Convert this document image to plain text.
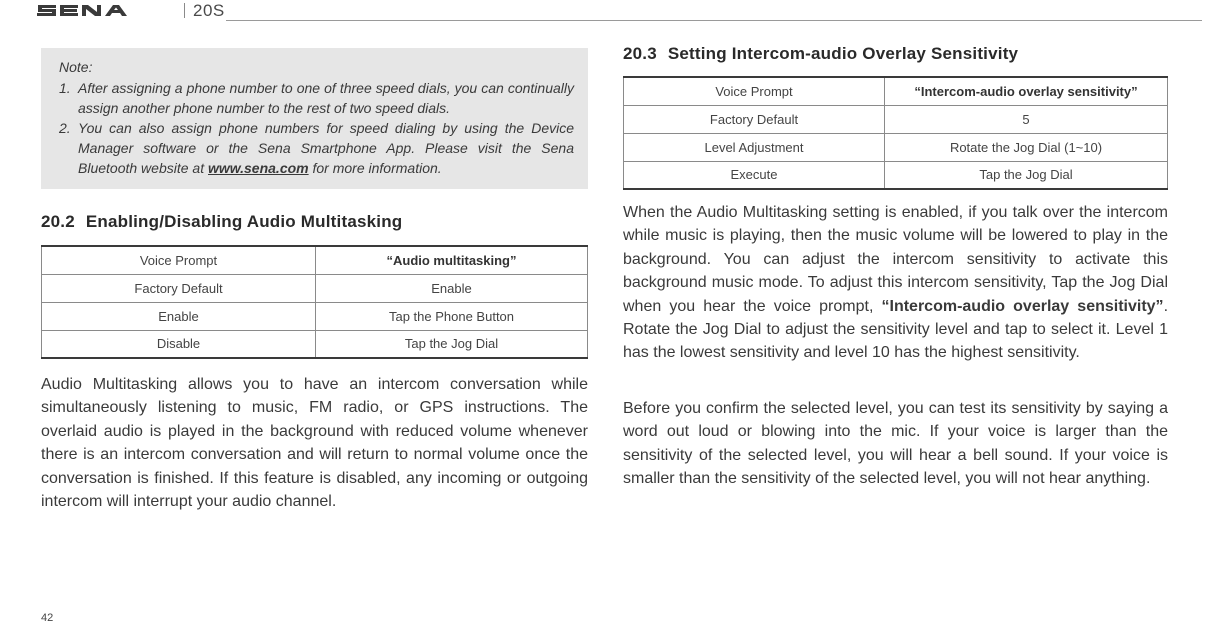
20S
Note:
1. After assigning a phone number to one of three speed dials, you can continually assign another phone number to the rest of two speed dials.
2. You can also assign phone numbers for speed dialing by using the Device Manager software or the Sena Smartphone App. Please visit the Sena Bluetooth website at www.sena.com for more information.
20.2 Enabling/Disabling Audio Multitasking
Voice Prompt	“Audio multitasking”
Factory Default	Enable
Enable	Tap the Phone Button
Disable	Tap the Jog Dial

Audio Multitasking allows you to have an intercom conversation while simultaneously listening to music, FM radio, or GPS instructions. The overlaid audio is played in the background with reduced volume whenever there is an intercom conversation and will return to normal volume once the conversation is finished. If this feature is disabled, any incoming or outgoing intercom will interrupt your audio channel.

20.3 Setting Intercom-audio Overlay Sensitivity
Voice Prompt	“Intercom-audio overlay sensitivity”
Factory Default	5
Level Adjustment	Rotate the Jog Dial (1~10)
Execute	Tap the Jog Dial

When the Audio Multitasking setting is enabled, if you talk over the intercom while music is playing, then the music volume will be lowered to play in the background. You can adjust the intercom sensitivity to activate this background music mode. To adjust this intercom sensitivity, Tap the Jog Dial when you hear the voice prompt, “Intercom-audio overlay sensitivity”. Rotate the Jog Dial to adjust the sensitivity level and tap to select it. Level 1 has the lowest sensitivity and level 10 has the highest sensitivity.

Before you confirm the selected level, you can test its sensitivity by saying a word out loud or blowing into the mic. If your voice is larger than the sensitivity of the selected level, you will hear a bell sound. If your voice is smaller than the sensitivity of the selected level, you will not hear anything.

42
